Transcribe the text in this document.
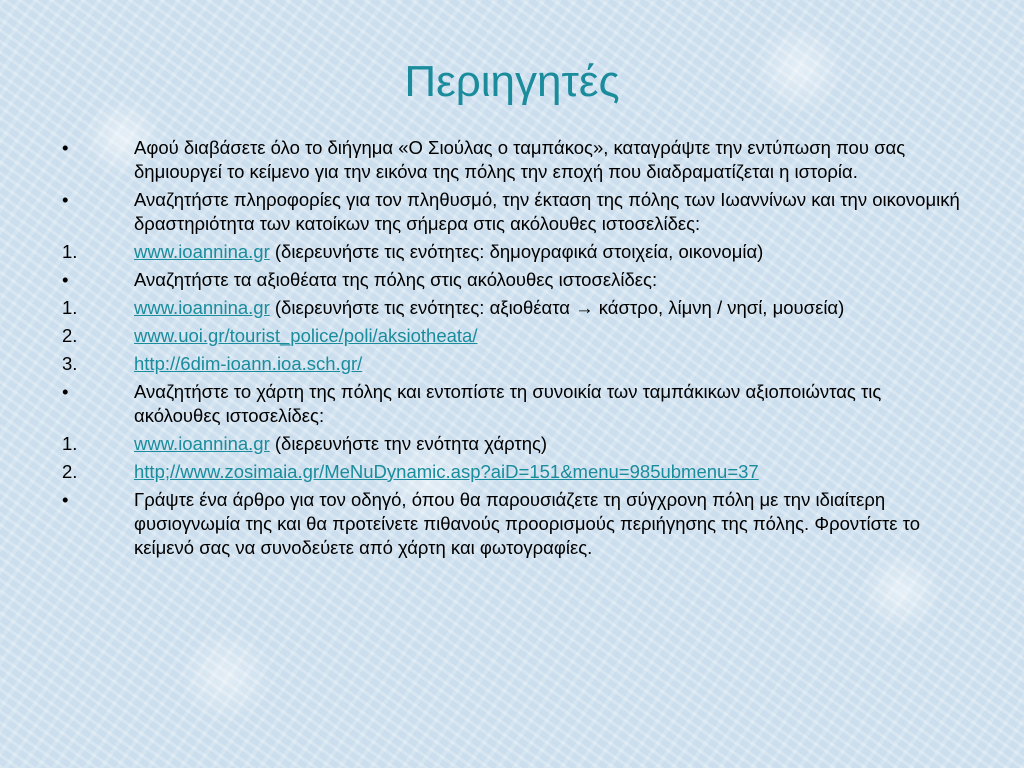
Περιηγητές
•	Αφού διαβάσετε όλο το διήγημα «Ο Σιούλας ο ταμπάκος», καταγράψτε την εντύπωση που σας δημιουργεί το κείμενο για την εικόνα της πόλης την εποχή που διαδραματίζεται η ιστορία.
•	Αναζητήστε πληροφορίες για τον πληθυσμό, την έκταση της πόλης των Ιωαννίνων και την οικονομική δραστηριότητα των κατοίκων της σήμερα στις ακόλουθες ιστοσελίδες:
1.	www.ioannina.gr (διερευνήστε τις ενότητες: δημογραφικά στοιχεία, οικονομία)
•	Αναζητήστε τα αξιοθέατα της πόλης στις ακόλουθες ιστοσελίδες:
1.	www.ioannina.gr (διερευνήστε τις ενότητες: αξιοθέατα → κάστρο, λίμνη / νησί, μουσεία)
2.	www.uoi.gr/tourist_police/poli/aksiotheata/
3.	http://6dim-ioann.ioa.sch.gr/
•	Αναζητήστε το χάρτη της πόλης και εντοπίστε τη συνοικία των ταμπάκικων αξιοποιώντας τις ακόλουθες ιστοσελίδες:
1.	www.ioannina.gr (διερευνήστε την ενότητα χάρτης)
2.	http;//www.zosimaia.gr/MeNuDynamic.asp?aiD=151&menu=985ubmenu=37
•	Γράψτε ένα άρθρο για τον οδηγό, όπου θα παρουσιάζετε τη σύγχρονη πόλη με την ιδιαίτερη φυσιογνωμία της και θα προτείνετε πιθανούς προορισμούς περιήγησης της πόλης. Φροντίστε το κείμενό σας να συνοδεύετε από χάρτη και φωτογραφίες.
